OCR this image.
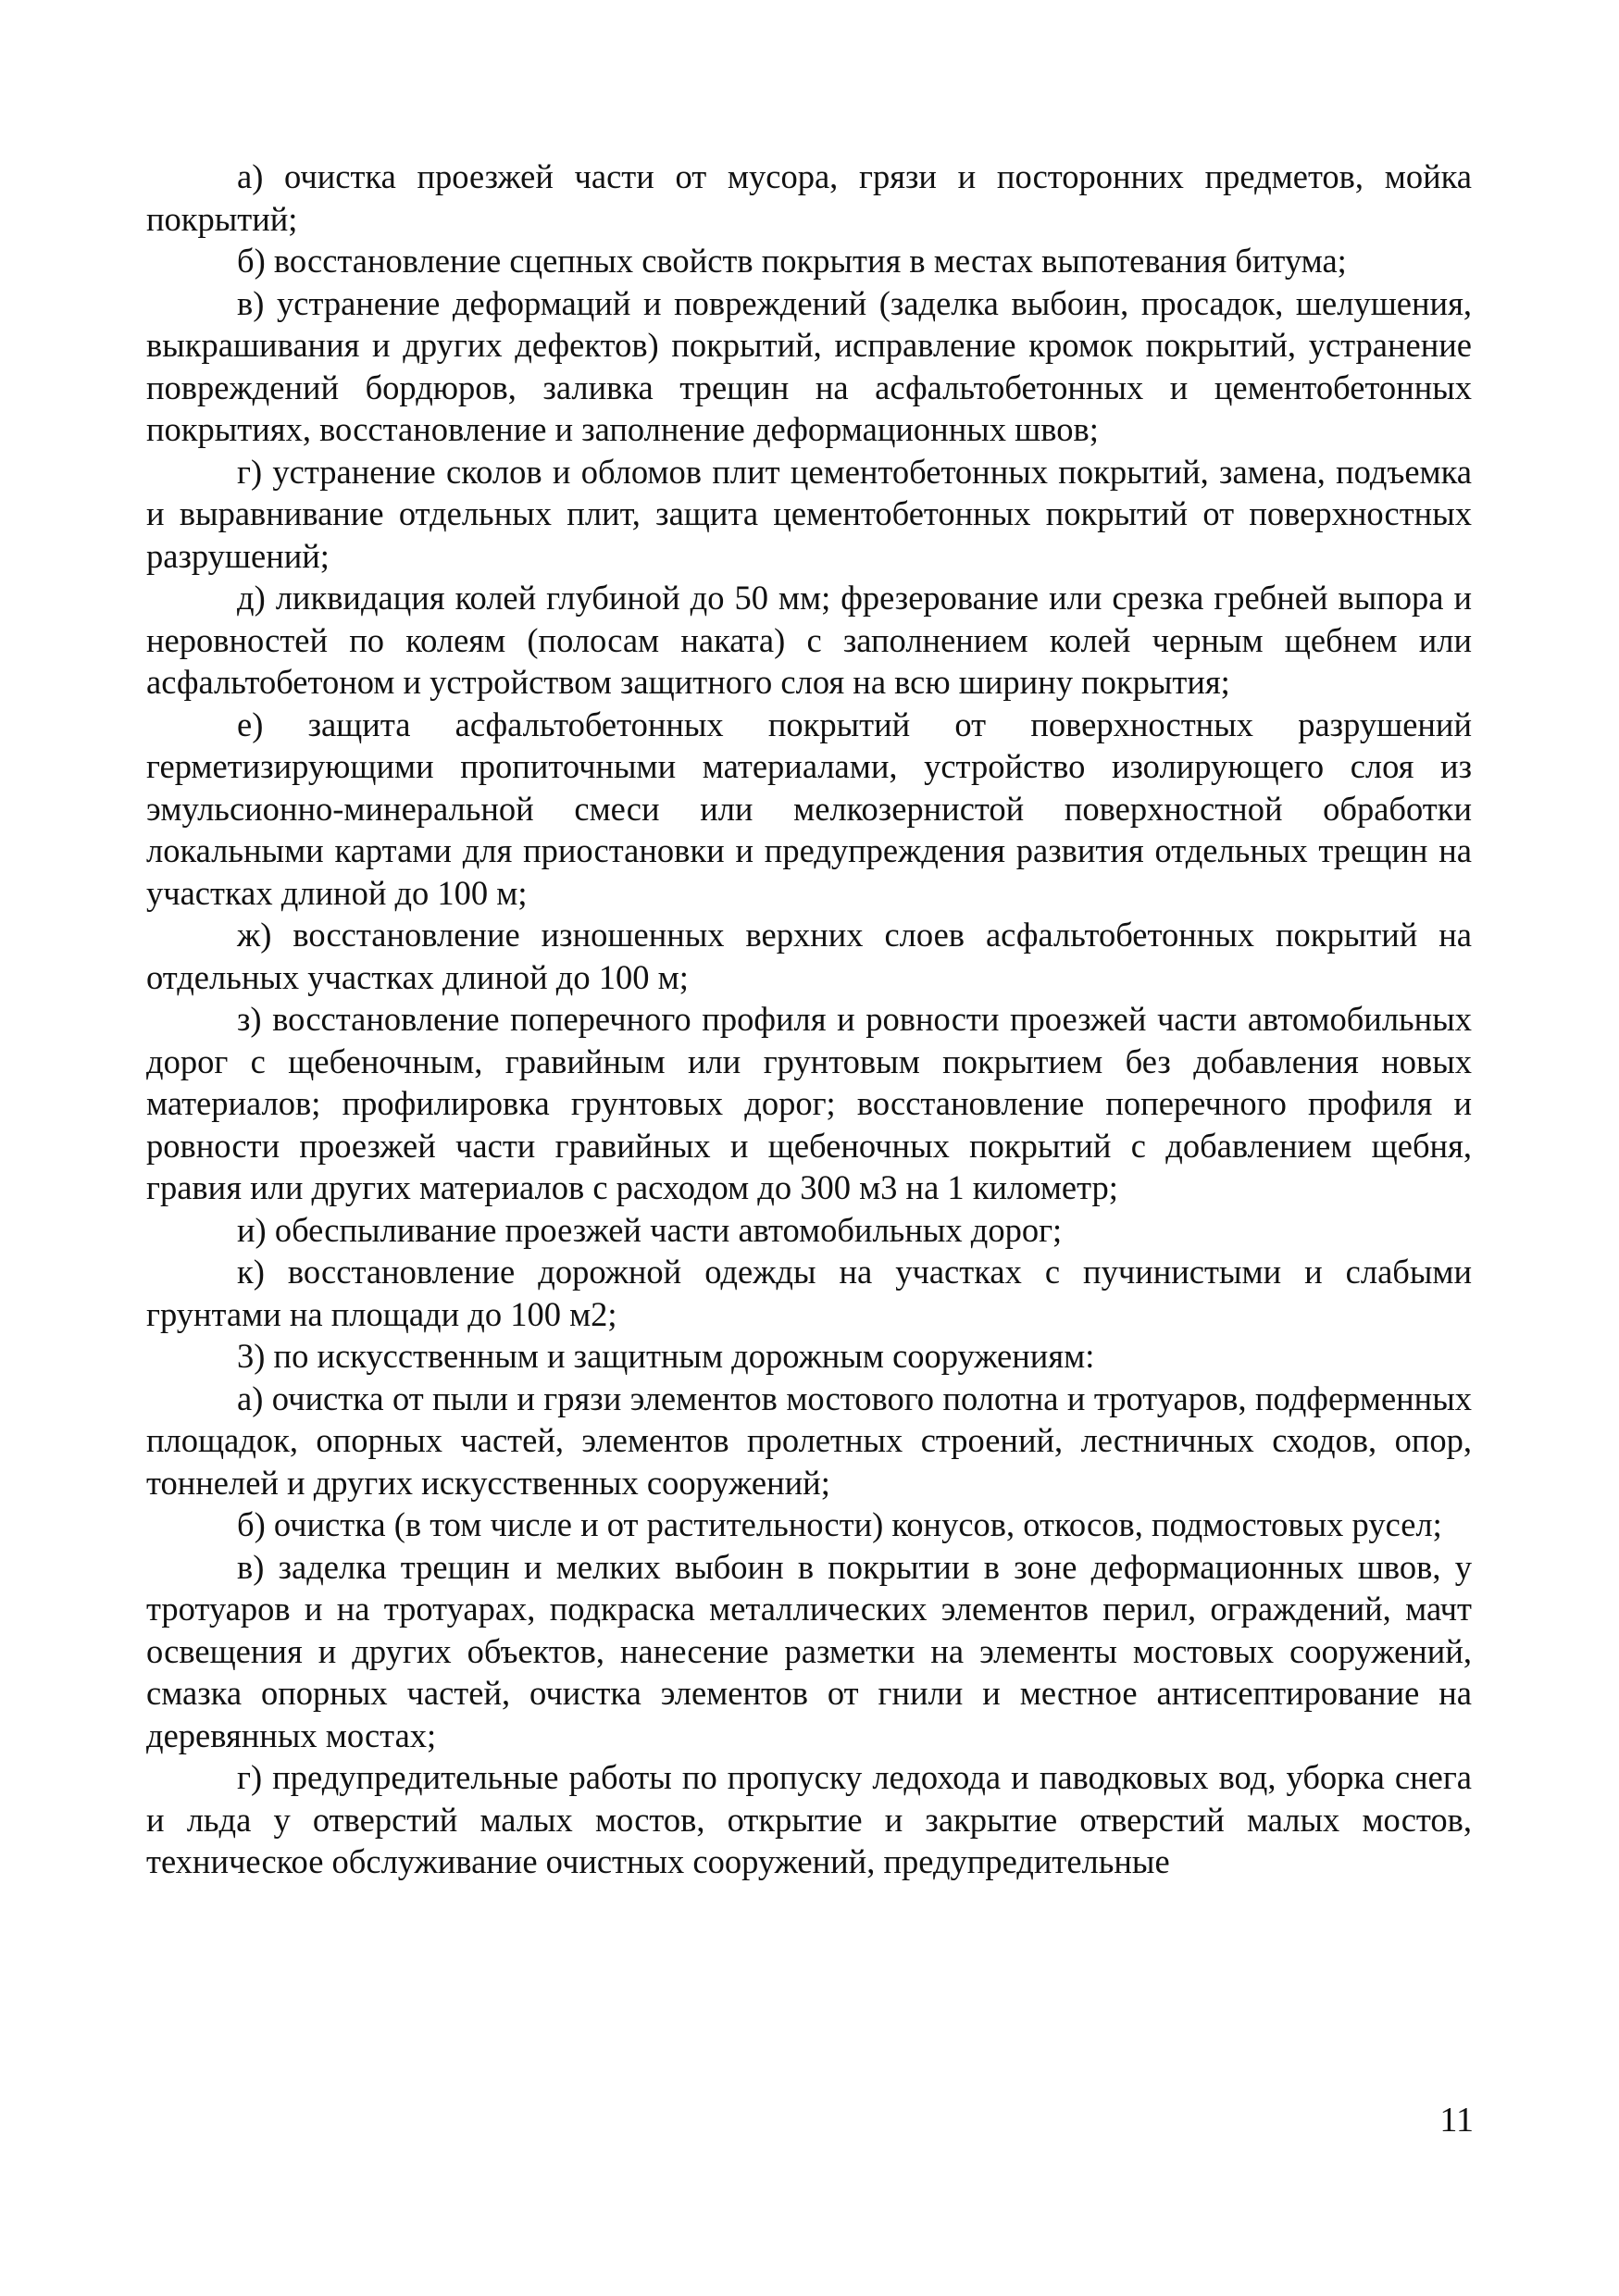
а) очистка проезжей части от мусора, грязи и посторонних предметов, мойка покрытий;

б) восстановление сцепных свойств покрытия в местах выпотевания битума;

в) устранение деформаций и повреждений (заделка выбоин, просадок, шелушения, выкрашивания и других дефектов) покрытий, исправление кромок покрытий, устранение повреждений бордюров, заливка трещин на асфальтобетонных и цементобетонных покрытиях, восстановление и заполнение деформационных швов;

г) устранение сколов и обломов плит цементобетонных покрытий, замена, подъемка и выравнивание отдельных плит, защита цементобетонных покрытий от поверхностных разрушений;

д) ликвидация колей глубиной до 50 мм; фрезерование или срезка гребней выпора и неровностей по колеям (полосам наката) с заполнением колей черным щебнем или асфальтобетоном и устройством защитного слоя на всю ширину покрытия;

е) защита асфальтобетонных покрытий от поверхностных разрушений герметизирующими пропиточными материалами, устройство изолирующего слоя из эмульсионно-минеральной смеси или мелкозернистой поверхностной обработки локальными картами для приостановки и предупреждения развития отдельных трещин на участках длиной до 100 м;

ж) восстановление изношенных верхних слоев асфальтобетонных покрытий на отдельных участках длиной до 100 м;

з) восстановление поперечного профиля и ровности проезжей части автомобильных дорог с щебеночным, гравийным или грунтовым покрытием без добавления новых материалов; профилировка грунтовых дорог; восстановление поперечного профиля и ровности проезжей части гравийных и щебеночных покрытий с добавлением щебня, гравия или других материалов с расходом до 300 м3 на 1 километр;

и) обеспыливание проезжей части автомобильных дорог;

к) восстановление дорожной одежды на участках с пучинистыми и слабыми грунтами на площади до 100 м2;

3) по искусственным и защитным дорожным сооружениям:

а) очистка от пыли и грязи элементов мостового полотна и тротуаров, подферменных площадок, опорных частей, элементов пролетных строений, лестничных сходов, опор, тоннелей и других искусственных сооружений;

б) очистка (в том числе и от растительности) конусов, откосов, подмостовых русел;

в) заделка трещин и мелких выбоин в покрытии в зоне деформационных швов, у тротуаров и на тротуарах, подкраска металлических элементов перил, ограждений, мачт освещения и других объектов, нанесение разметки на элементы мостовых сооружений, смазка опорных частей, очистка элементов от гнили и местное антисептирование на деревянных мостах;

г) предупредительные работы по пропуску ледохода и паводковых вод, уборка снега и льда у отверстий малых мостов, открытие и закрытие отверстий малых мостов, техническое обслуживание очистных сооружений, предупредительные

11
